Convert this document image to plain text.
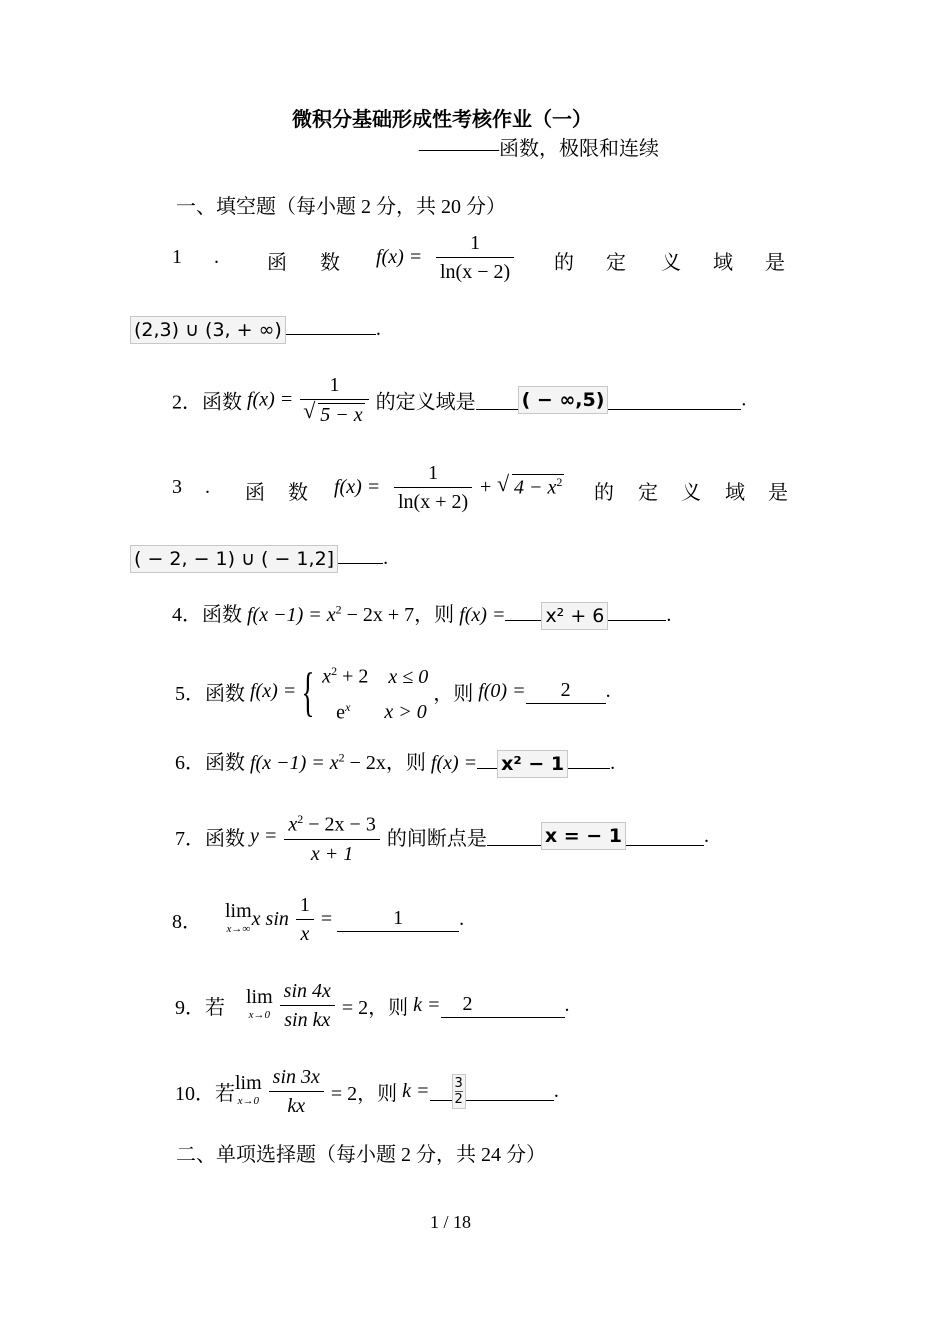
微积分基础形成性考核作业（一）
————函数，极限和连续
一、填空题（每小题 2 分，共 20 分）
1 . 函 数 $f(x) = \frac{1}{\ln(x - 2)}$ 的 定 义 域 是
(2,3) ∪ (3, + ∞)	.
2．函数 f(x) = 1
√ 5 − x 的定义域是 ( − ∞,5)	.
3 . 函 数 $f(x) = \frac{1}{\ln(x + 2)}$ +
√	$4 - x^2$ 的 定 义 域 是
( − 2, − 1) ∪ ( − 1,2] .
4．函数 $f(x -1) = x^2 - 2x + 7$，则 f(x) = x² + 6	.
5．函数 f(x) = { $x^2 + 2$ x ≤ 0
$e^x$ x > 0
，则 f(0) = 2 .
6．函数 $f(x -1) = x^2 - 2x$，则 f(x) = x² − 1 .
7．函数 $y = \frac{x^2 - 2x - 3}{x + 1}$ 的间断点是	x = − 1	.
8．
lim
x→∞ x $\sin \frac{1}{x}$ =	1	.
9．若
lim
x→0
$\frac{\sin 4x}{\text{sin kx}} = 2$，则 k = 2	.
10．若
lim
x→0
$\frac{\sin 3x}{kx} = 2$，则 $k = \frac{3}{2}$	.
二、单项选择题（每小题 2 分，共 24 分）
1 / 18
